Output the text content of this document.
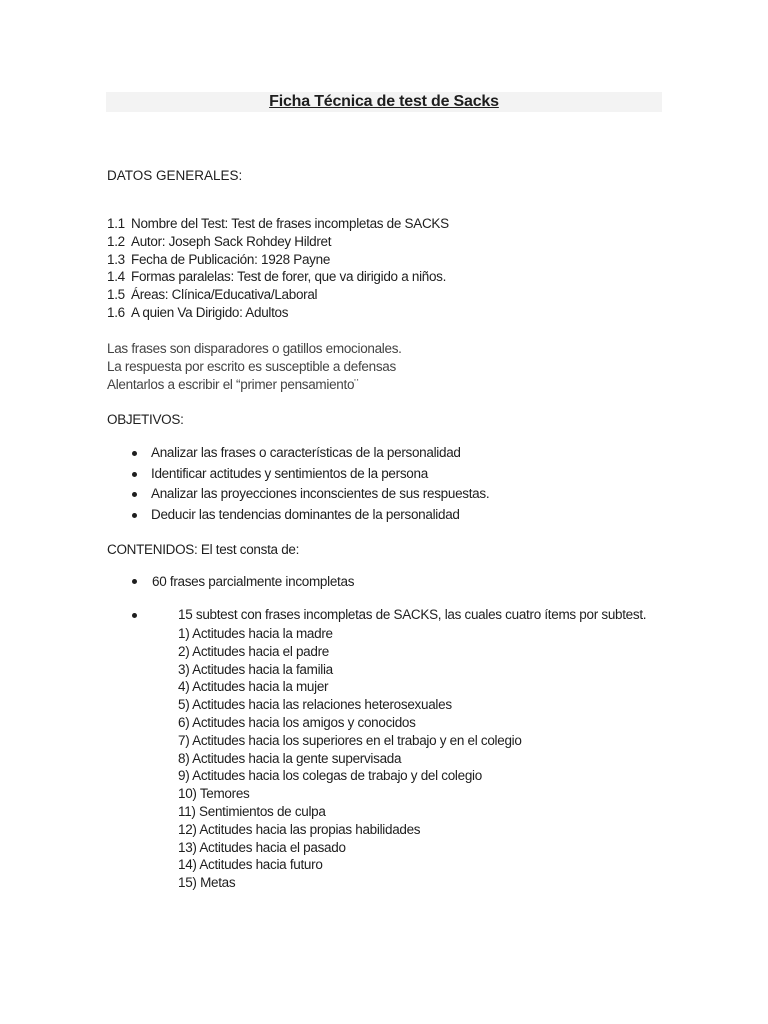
Ficha Técnica de test de Sacks
DATOS GENERALES:
1.1 Nombre del Test: Test de frases incompletas de SACKS
1.2 Autor: Joseph Sack Rohdey Hildret
1.3 Fecha de Publicación: 1928 Payne
1.4 Formas paralelas: Test de forer, que va dirigido a niños.
1.5 Áreas: Clínica/Educativa/Laboral
1.6 A quien Va Dirigido: Adultos
Las frases son disparadores o gatillos emocionales.
La respuesta por escrito es susceptible a defensas
Alentarlos a escribir el “primer pensamiento¨
OBJETIVOS:
Analizar las frases o características de la personalidad
Identificar actitudes y sentimientos de la persona
Analizar las proyecciones inconscientes de sus respuestas.
Deducir las tendencias dominantes de la personalidad
CONTENIDOS: El test consta de:
60 frases parcialmente incompletas
15 subtest con frases incompletas de SACKS, las cuales cuatro ítems por subtest.
1) Actitudes hacia la madre
2) Actitudes hacia el padre
3) Actitudes hacia la familia
4) Actitudes hacia la mujer
5) Actitudes hacia las relaciones heterosexuales
6) Actitudes hacia los amigos y conocidos
7) Actitudes hacia los superiores en el trabajo y en el colegio
8) Actitudes hacia la gente supervisada
9) Actitudes hacia los colegas de trabajo y del colegio
10) Temores
11) Sentimientos de culpa
12) Actitudes hacia las propias habilidades
13) Actitudes hacia el pasado
14) Actitudes hacia futuro
15) Metas
